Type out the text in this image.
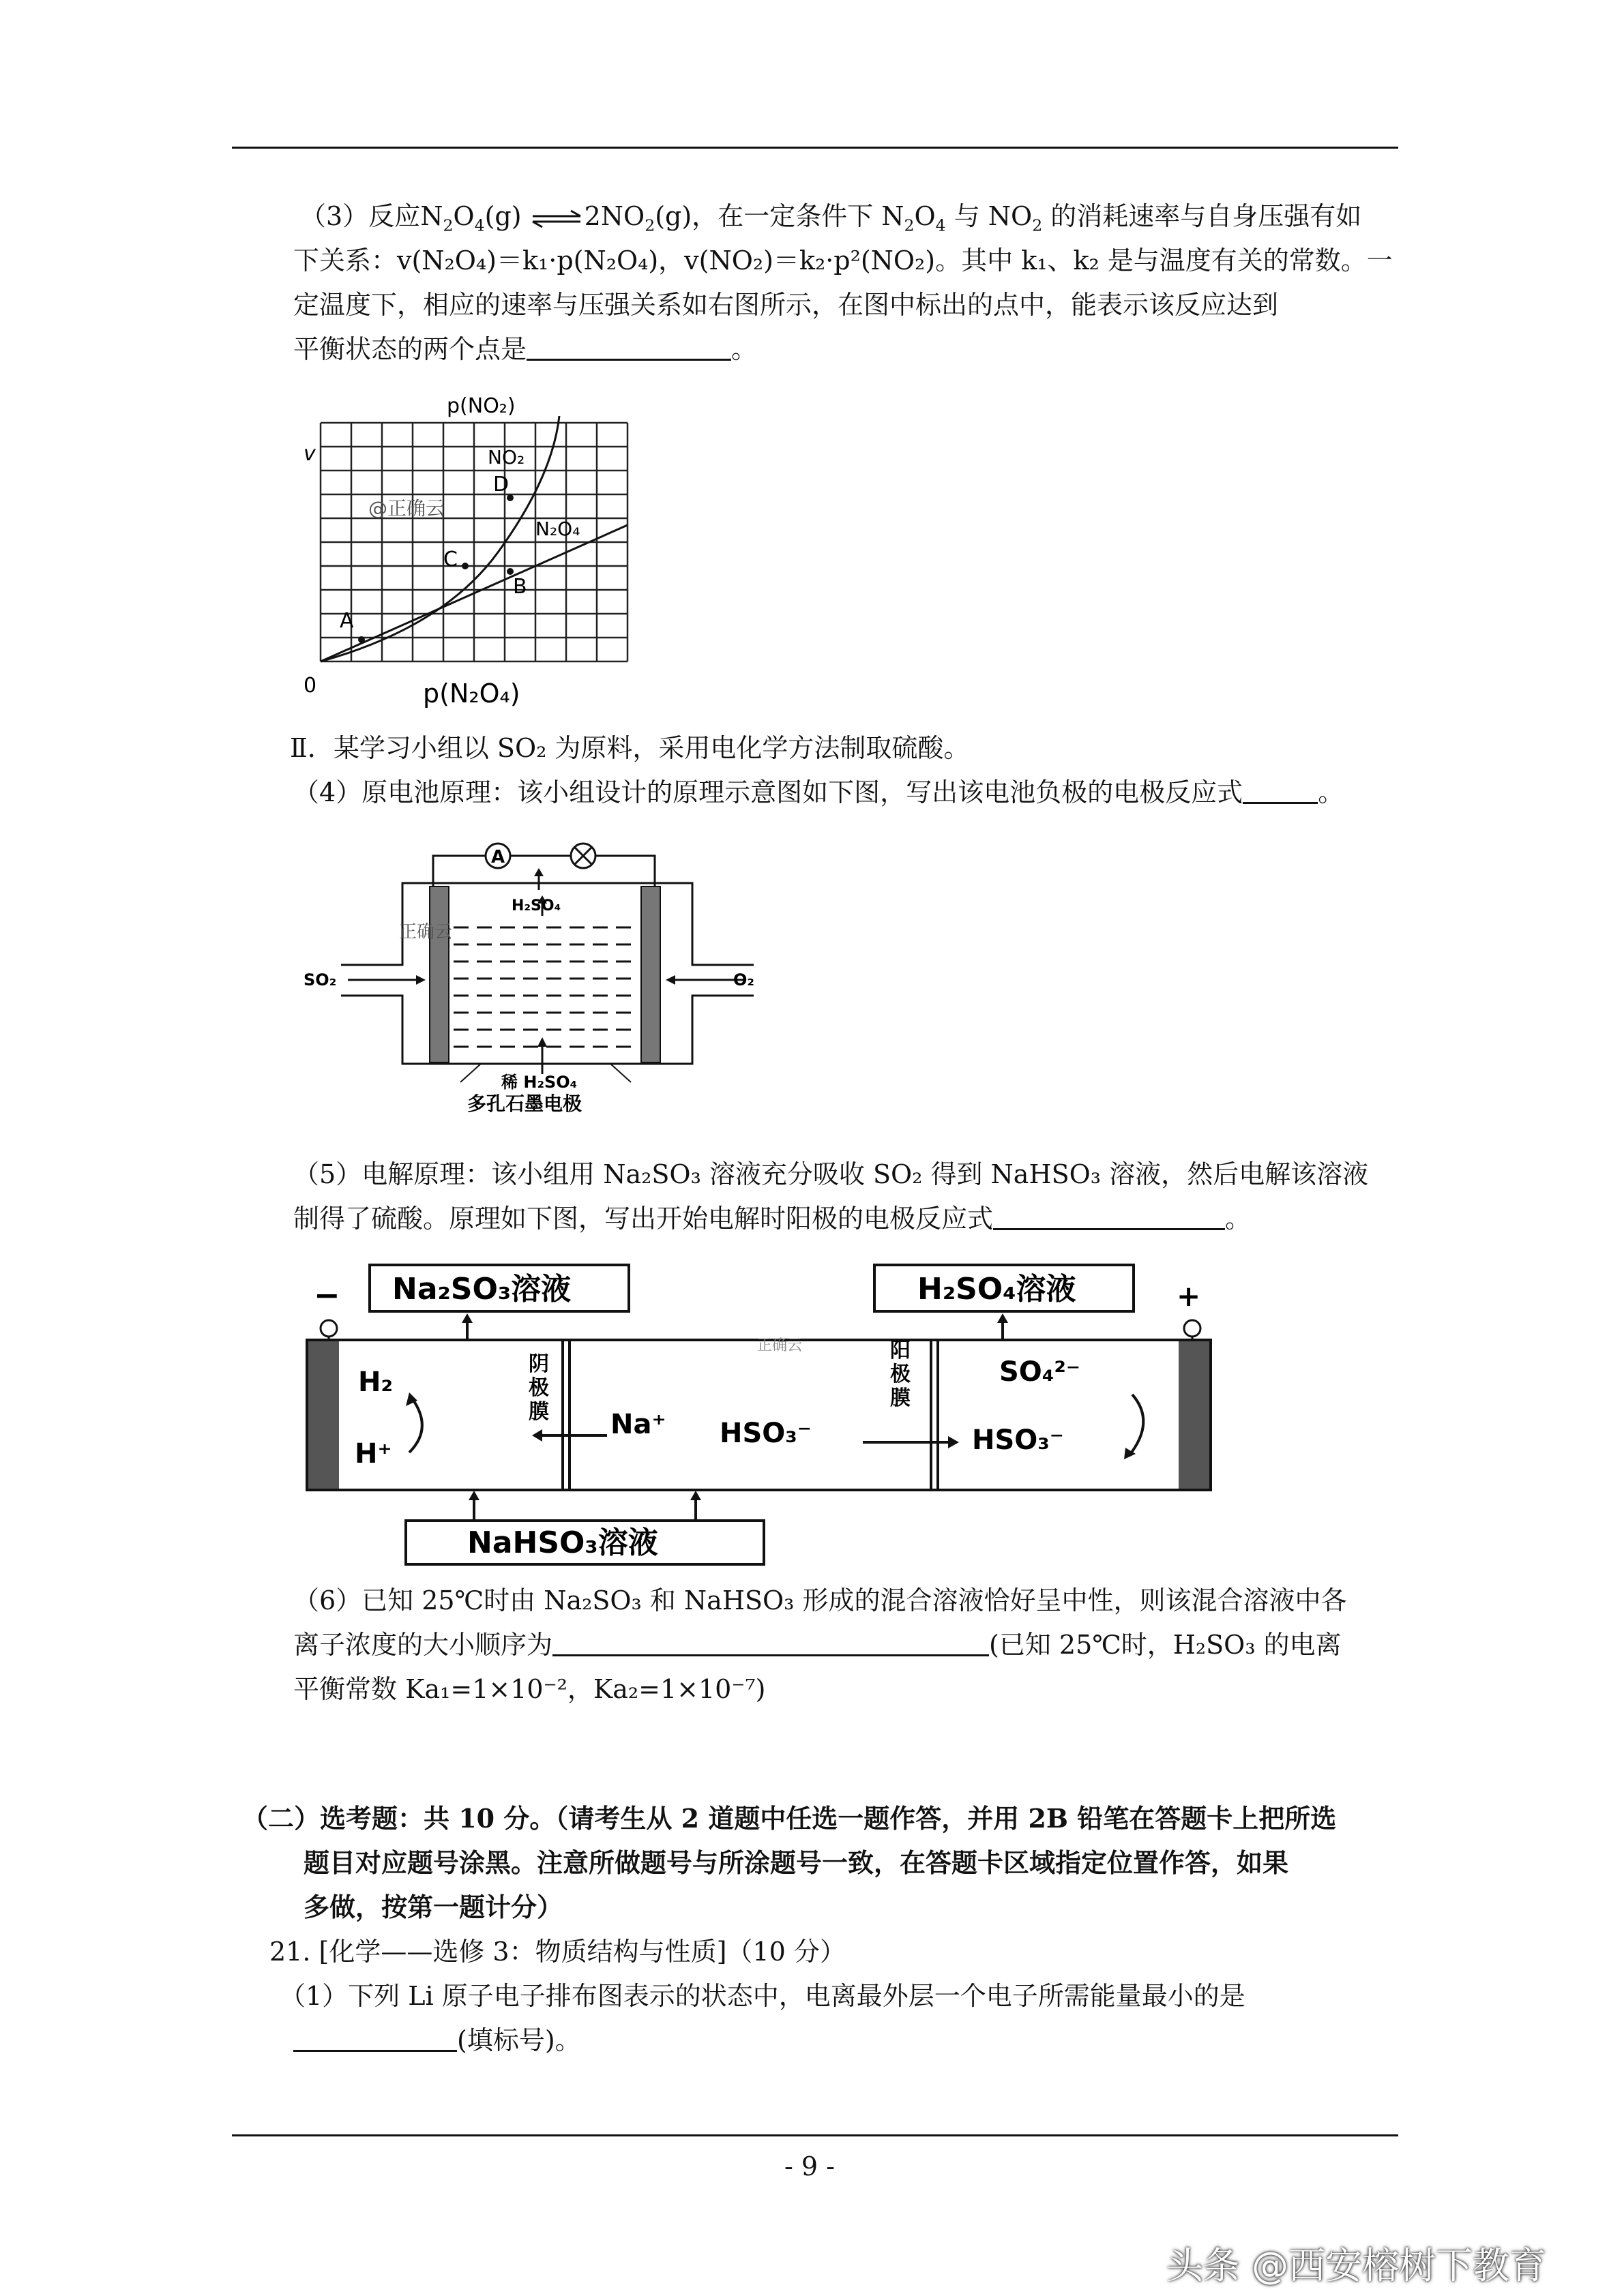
（3）反应$N_2O_4(g)$ $\rightleftharpoons 2NO_2(g)$，在一定条件下 $N_2O_4$ 与 $NO_2$ 的消耗速率与自身压强有如
下关系：v(N₂O₄)＝k₁·p(N₂O₄)，v(NO₂)＝k₂·p²(NO₂)。其中 k₁、k₂ 是与温度有关的常数。一
定温度下，相应的速率与压强关系如右图所示，在图中标出的点中，能表示该反应达到
平衡状态的两个点是	。
p(NO₂)
v
0	p(N₂O₄)
NO₂
N₂O₄
A
B
C
D
@正确云
Ⅱ．某学习小组以 SO₂ 为原料，采用电化学方法制取硫酸。
（4）原电池原理：该小组设计的原理示意图如下图，写出该电池负极的电极反应式	。
A
H₂SO₄
SO₂	O₂
稀 H₂SO₄
多孔石墨电极
正确云
（5）电解原理：该小组用 Na₂SO₃ 溶液充分吸收 SO₂ 得到 NaHSO₃ 溶液，然后电解该溶液
制得了硫酸。原理如下图，写出开始电解时阳极的电极反应式	。
Na₂SO₃溶液	H₂SO₄溶液
−	+
H₂
H⁺
阴
极
膜 Na⁺ HSO₃⁻
阳
极
膜
SO₄²⁻
HSO₃⁻
NaHSO₃溶液
正确云
（6）已知 25℃时由 Na₂SO₃ 和 NaHSO₃ 形成的混合溶液恰好呈中性，则该混合溶液中各
离子浓度的大小顺序为	(已知 25℃时，H₂SO₃ 的电离
平衡常数 Ka₁=1×10⁻²，Ka₂=1×10⁻⁷)
（二）选考题：共 10 分。（请考生从 2 道题中任选一题作答，并用 2B 铅笔在答题卡上把所选
题目对应题号涂黑。注意所做题号与所涂题号一致，在答题卡区域指定位置作答，如果
多做，按第一题计分）
21. [化学——选修 3：物质结构与性质]（10 分）
（1）下列 Li 原子电子排布图表示的状态中，电离最外层一个电子所需能量最小的是
(填标号)。
- 9 -
头条 @西安榕树下教育
